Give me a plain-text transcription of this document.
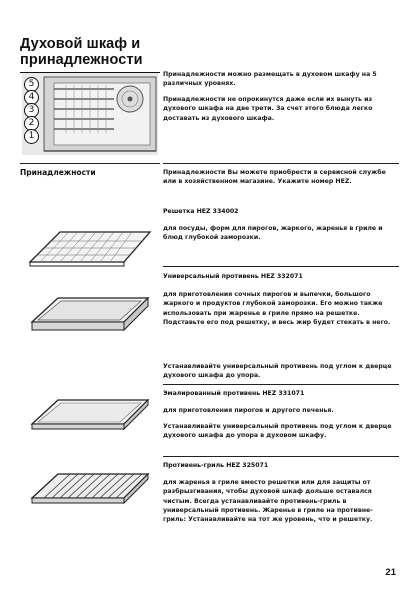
Духовой шкаф и принадлежности
5
4
3
2
1
Принадлежности можно размещать в духовом шкафу на 5 различных уровнях.
Принадлежности не опрокинутся даже если их вынуть из духового шкафа на две трети. За счет этого блюда легко доставать из духового шкафа.
Принадлежности	Принадлежности Вы можете приобрести в сервисной службе или в хозяйственном магазине. Укажите номер HEZ.
Решетка HEZ 334002
для посуды, форм для пирогов, жаркого, жаренья в гриле и блюд глубокой заморозки.
Универсальный противень HEZ 332071
для приготовления сочных пирогов и выпечки, большого жаркого и продуктов глубокой заморозки. Его можно также использовать при жаренье в гриле прямо на решетке. Подставьте его под решетку, и весь жир будет стекать в него.
Устанавливайте универсальный противень под углом к дверце духового шкафа до упора.
Эмалированный противень HEZ 331071
для приготовления пирогов и другого печенья.
Устанавливайте универсальный противень под углом к дверце духового шкафа до упора в духовом шкафу.
Противень-гриль HEZ 325071
для жаренья в гриле вместо решетки или для защиты от разбрызгивания, чтобы духовой шкаф дольше оставался чистым. Всегда устанавливайте противень-гриль в универсальный противень. Жаренье в гриле на противне-гриль: Устанавливайте на тот же уровень, что и решетку.
21
